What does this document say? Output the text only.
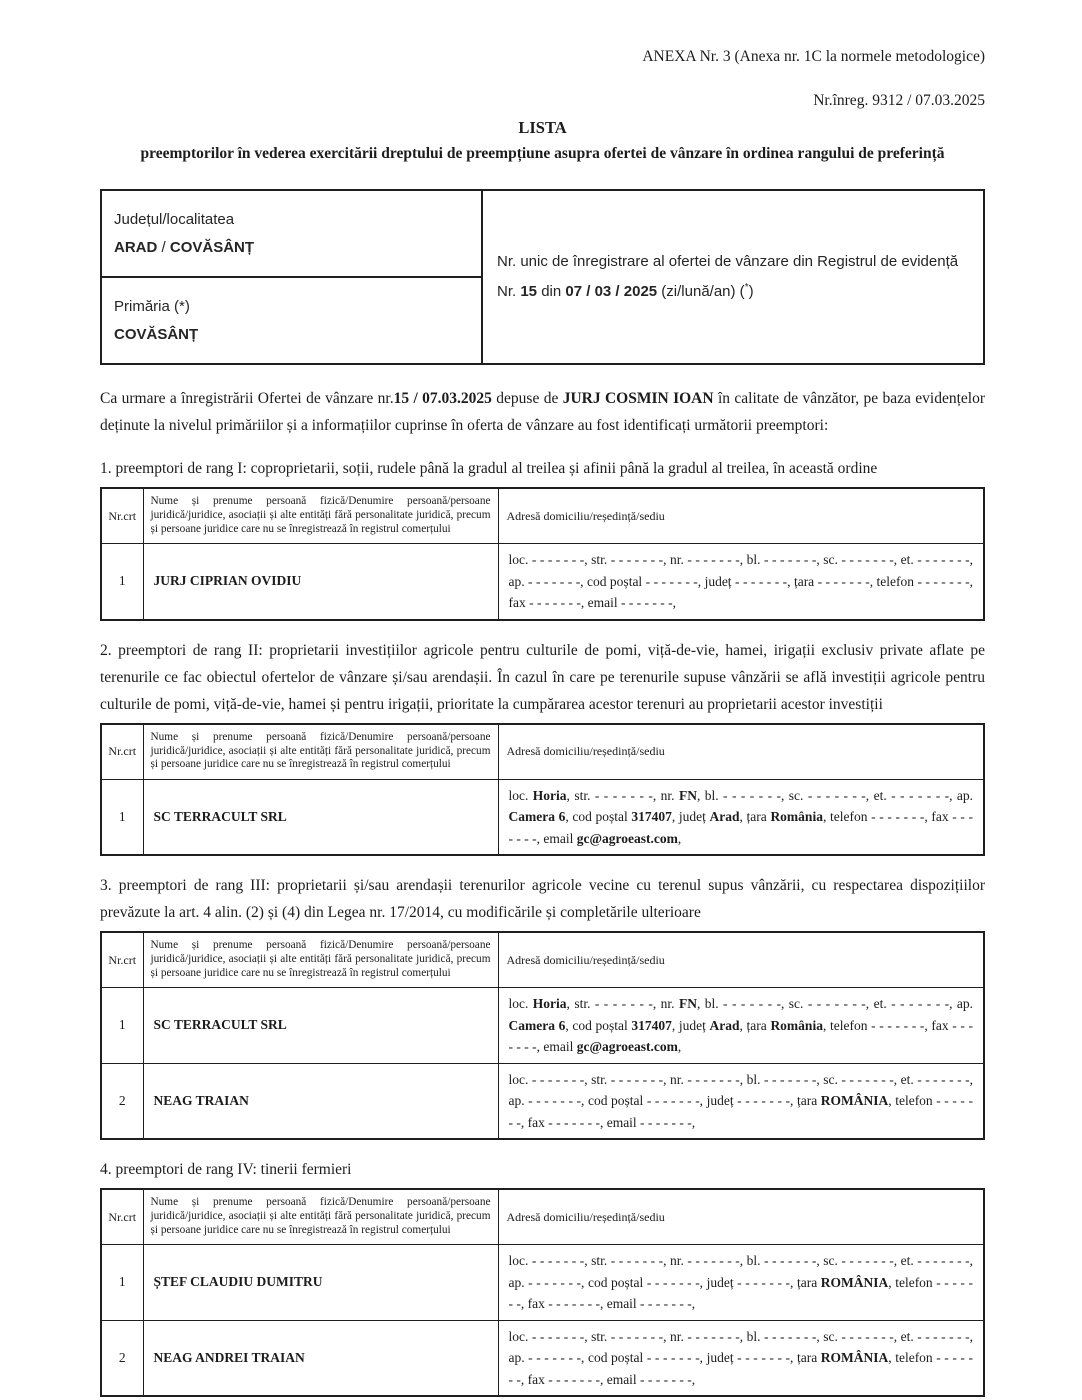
ANEXA Nr. 3 (Anexa nr. 1C la normele metodologice)
Nr.înreg. 9312 / 07.03.2025
LISTA
preemptorilor în vederea exercitării dreptului de preempțiune asupra ofertei de vânzare în ordinea rangului de preferință
Județul/localitatea
ARAD / COVĂSÂNȚ

Nr. unic de înregistrare al ofertei de vânzare din Registrul de evidență
Nr. 15 din 07 / 03 / 2025 (zi/lună/an) (*)

Primăria (*)
COVĂSÂNȚ

Ca urmare a înregistrării Ofertei de vânzare nr.15 / 07.03.2025 depuse de JURJ COSMIN IOAN în calitate de vânzător, pe baza evidențelor deținute la nivelul primăriilor și a informațiilor cuprinse în oferta de vânzare au fost identificați următorii preemptori:

1. preemptori de rang I: coproprietarii, soții, rudele până la gradul al treilea și afinii până la gradul al treilea, în această ordine

Nr.crt	Nume și prenume persoană fizică/Denumire persoană/persoane juridică/juridice, asociații și alte entități fără personalitate juridică, precum și persoane juridice care nu se înregistrează în registrul comerțului	Adresă domiciliu/reședință/sediu
1	JURJ CIPRIAN OVIDIU	loc. - - - - - - -, str. - - - - - - -, nr. - - - - - - -, bl. - - - - - - -, sc. - - - - - - -, et. - - - - - - -, ap. - - - - - - -, cod poștal - - - - - - -, județ - - - - - - -, țara - - - - - - -, telefon - - - - - - -, fax - - - - - - -, email - - - - - - -,

2. preemptori de rang II: proprietarii investițiilor agricole pentru culturile de pomi, viță-de-vie, hamei, irigații exclusiv private aflate pe terenurile ce fac obiectul ofertelor de vânzare și/sau arendașii. În cazul în care pe terenurile supuse vânzării se află investiții agricole pentru culturile de pomi, viță-de-vie, hamei și pentru irigații, prioritate la cumpărarea acestor terenuri au proprietarii acestor investiții

Nr.crt	Nume și prenume persoană fizică/Denumire persoană/persoane juridică/juridice, asociații și alte entități fără personalitate juridică, precum și persoane juridice care nu se înregistrează în registrul comerțului	Adresă domiciliu/reședință/sediu
1	SC TERRACULT SRL	loc. Horia, str. - - - - - - -, nr. FN, bl. - - - - - - -, sc. - - - - - - -, et. - - - - - - -, ap. Camera 6, cod poștal 317407, județ Arad, țara România, telefon - - - - - - -, fax - - - - - - -, email gc@agroeast.com,

3. preemptori de rang III: proprietarii și/sau arendașii terenurilor agricole vecine cu terenul supus vânzării, cu respectarea dispozițiilor prevăzute la art. 4 alin. (2) și (4) din Legea nr. 17/2014, cu modificările și completările ulterioare

Nr.crt	Nume și prenume persoană fizică/Denumire persoană/persoane juridică/juridice, asociații și alte entități fără personalitate juridică, precum și persoane juridice care nu se înregistrează în registrul comerțului	Adresă domiciliu/reședință/sediu
1	SC TERRACULT SRL	loc. Horia, str. - - - - - - -, nr. FN, bl. - - - - - - -, sc. - - - - - - -, et. - - - - - - -, ap. Camera 6, cod poștal 317407, județ Arad, țara România, telefon - - - - - - -, fax - - - - - - -, email gc@agroeast.com,
2	NEAG TRAIAN	loc. - - - - - - -, str. - - - - - - -, nr. - - - - - - -, bl. - - - - - - -, sc. - - - - - - -, et. - - - - - - -, ap. - - - - - - -, cod poștal - - - - - - -, județ - - - - - - -, țara ROMÂNIA, telefon - - - - - - -, fax - - - - - - -, email - - - - - - -,

4. preemptori de rang IV: tinerii fermieri

Nr.crt	Nume și prenume persoană fizică/Denumire persoană/persoane juridică/juridice, asociații și alte entități fără personalitate juridică, precum și persoane juridice care nu se înregistrează în registrul comerțului	Adresă domiciliu/reședință/sediu
1	ȘTEF CLAUDIU DUMITRU	loc. - - - - - - -, str. - - - - - - -, nr. - - - - - - -, bl. - - - - - - -, sc. - - - - - - -, et. - - - - - - -, ap. - - - - - - -, cod poștal - - - - - - -, județ - - - - - - -, țara ROMÂNIA, telefon - - - - - - -, fax - - - - - - -, email - - - - - - -,
2	NEAG ANDREI TRAIAN	loc. - - - - - - -, str. - - - - - - -, nr. - - - - - - -, bl. - - - - - - -, sc. - - - - - - -, et. - - - - - - -, ap. - - - - - - -, cod poștal - - - - - - -, județ - - - - - - -, țara ROMÂNIA, telefon - - - - - - -, fax - - - - - - -, email - - - - - - -,
